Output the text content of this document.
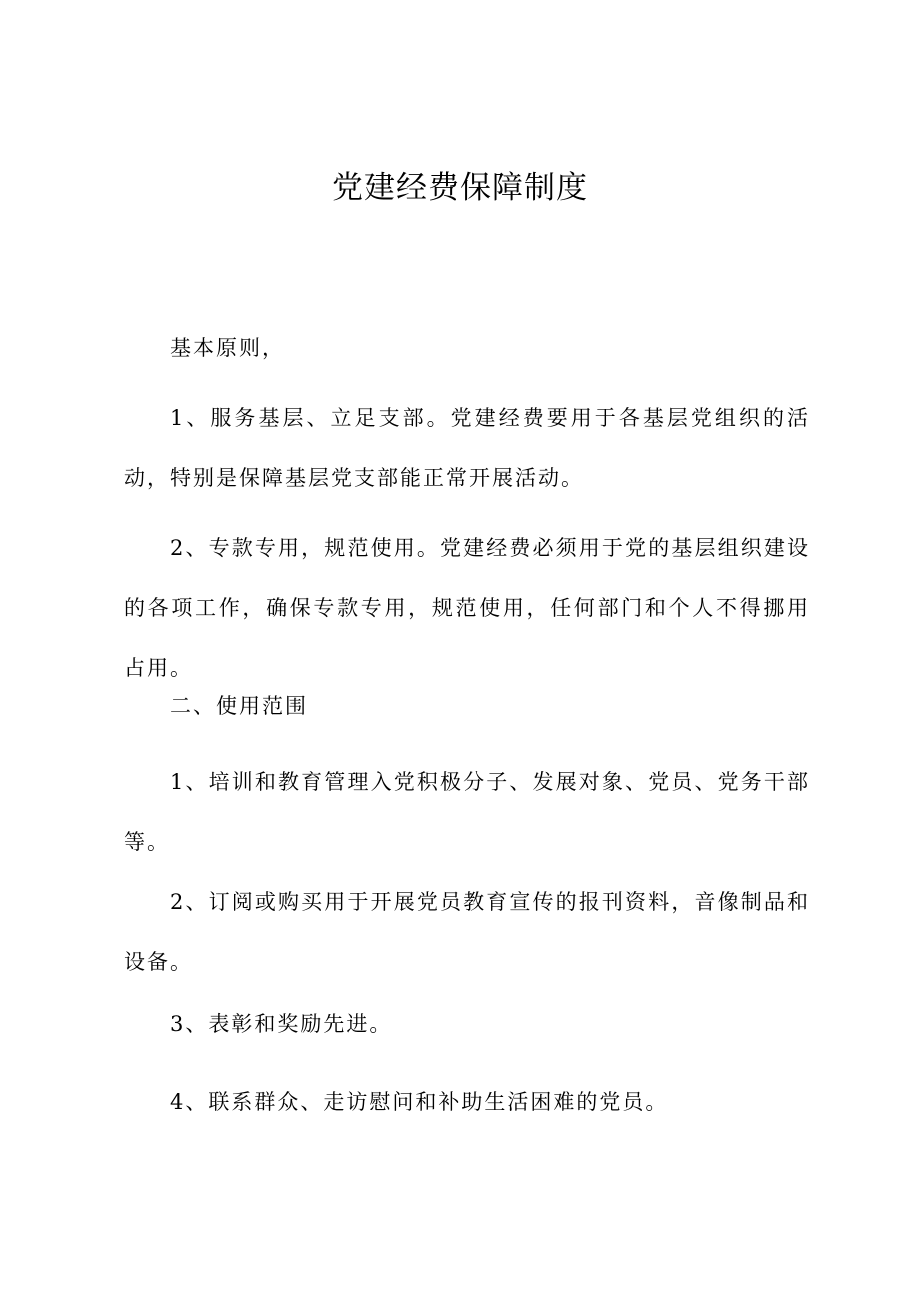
党建经费保障制度

基本原则，

1、服务基层、立足支部。党建经费要用于各基层党组织的活动，特别是保障基层党支部能正常开展活动。

2、专款专用，规范使用。党建经费必须用于党的基层组织建设的各项工作，确保专款专用，规范使用，任何部门和个人不得挪用占用。

二、使用范围

1、培训和教育管理入党积极分子、发展对象、党员、党务干部等。

2、订阅或购买用于开展党员教育宣传的报刊资料，音像制品和设备。

3、表彰和奖励先进。

4、联系群众、走访慰问和补助生活困难的党员。
